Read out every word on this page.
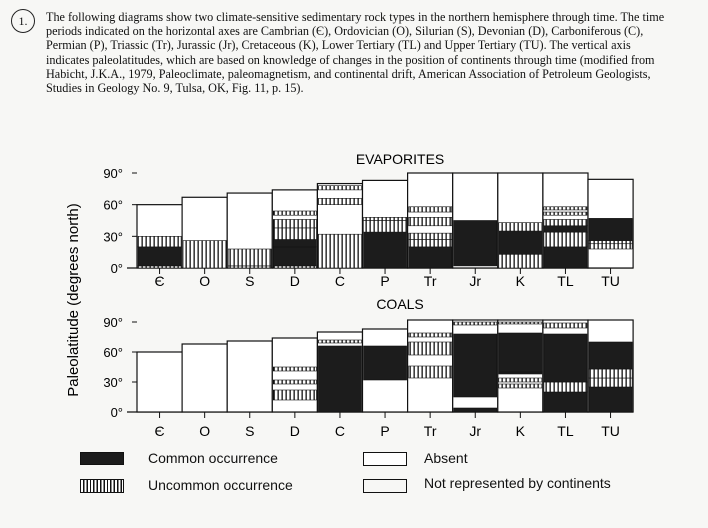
1.	The following diagrams show two climate-sensitive sedimentary rock types in the northern hemisphere through time. The time periods indicated on the horizontal axes are Cambrian (Є), Ordovician (O), Silurian (S), Devonian (D), Carboniferous (C), Permian (P), Triassic (Tr), Jurassic (Jr), Cretaceous (K), Lower Tertiary (TL) and Upper Tertiary (TU). The vertical axis indicates paleolatitudes, which are based on knowledge of changes in the position of continents through time (modified from Habicht, J.K.A., 1979, Paleoclimate, paleomagnetism, and continental drift, American Association of Petroleum Geologists, Studies in Geology No. 9, Tulsa, OK, Fig. 11, p. 15).
Paleolatitude (degrees north)
EVAPORITES
0°
30°
60°
90°
Є O S	D C	P Tr Jr K TL TU
COALS
0°
30°
60°
90°
Є O S	D C	P Tr Jr K TL TU
Common occurrence
Uncommon occurrence
Absent
Not represented by continents
